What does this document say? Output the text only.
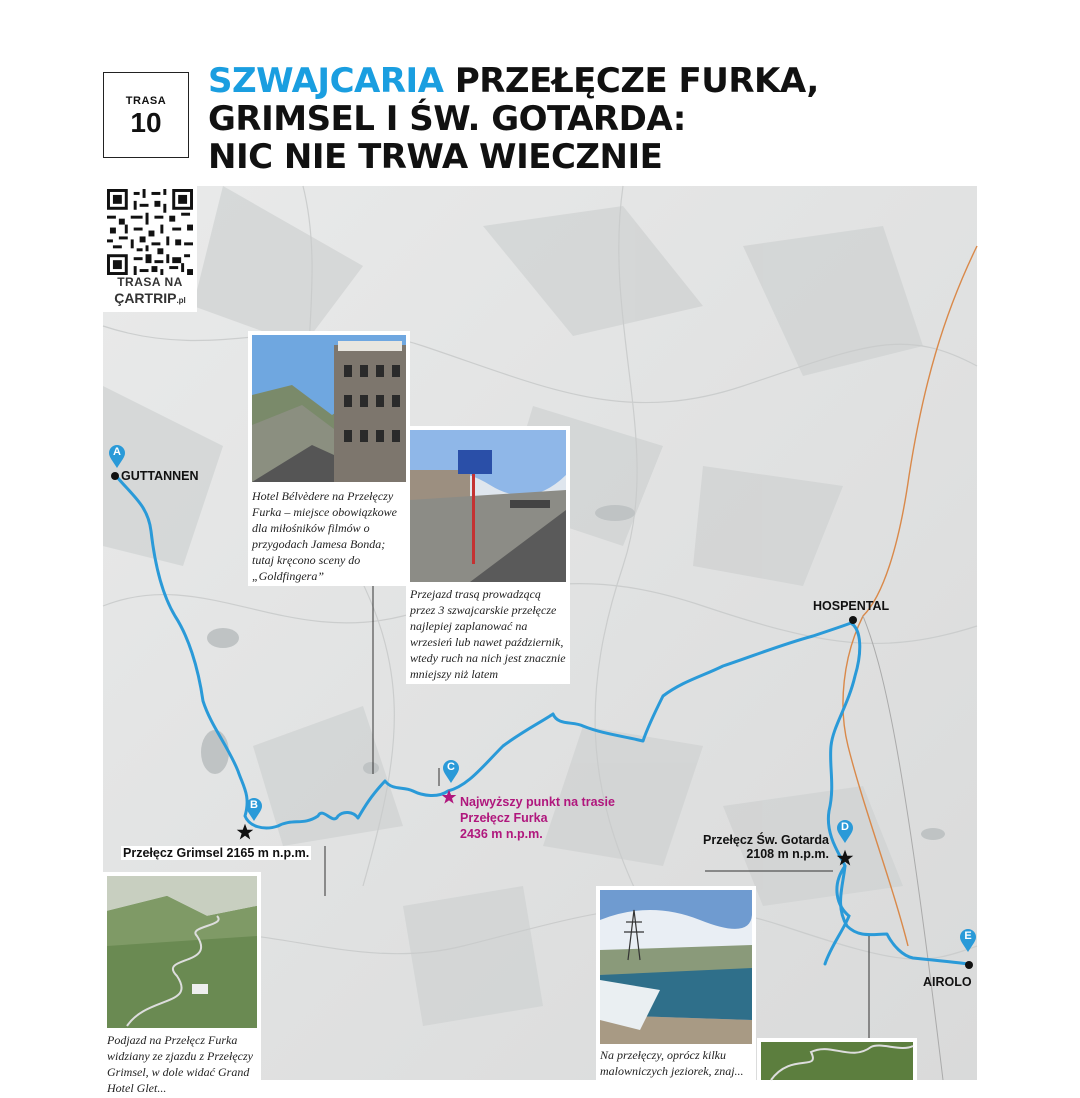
TRASA
10
SZWAJCARIA PRZEŁĘCZE FURKA,
GRIMSEL I ŚW. GOTARDA:
NIC NIE TRWA WIECZNIE
GUTTANNEN
HOSPENTAL
AIROLO
A
B
C
D
E
Przełęcz Grimsel 2165 m n.p.m.
Przełęcz Św. Gotarda
2108 m n.p.m.
Najwyższy punkt na trasie
Przełęcz Furka
2436 m n.p.m.
Hotel Bélvèdere na Przełęczy Furka – miejsce obowiązkowe dla miłośników filmów o przygodach Jamesa Bonda; tutaj kręcono sceny do „Goldfingera”
Przejazd trasą prowadzącą przez 3 szwajcarskie przełęcze najlepiej zaplanować na wrzesień lub nawet październik, wtedy ruch na nich jest znacznie mniejszy niż latem
Podjazd na Przełęcz Furka widziany ze zjazdu z Przełęczy Grimsel, w dole widać Grand Hotel Glet...
Na przełęczy, oprócz kilku malowniczych jeziorek, znaj...
TRASA NA
ÇARTRIP.pl
